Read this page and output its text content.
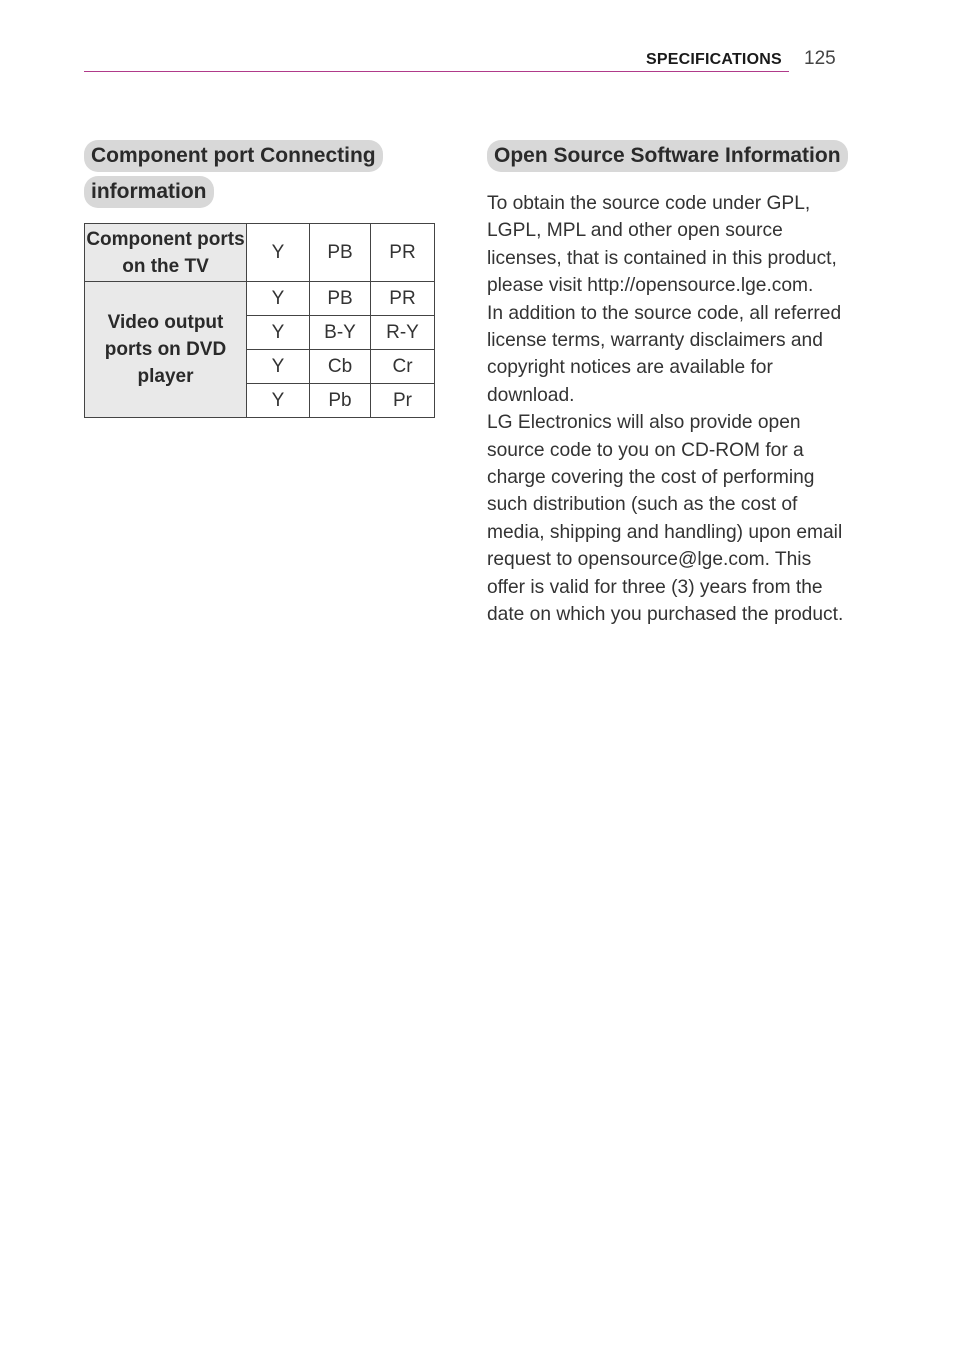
SPECIFICATIONS 125
Component port Connecting
information
Component ports on the TV	Y	PB	PR
Video output ports on DVD player	Y	PB	PR
	Y	B-Y	R-Y
	Y	Cb	Cr
	Y	Pb	Pr
Open Source Software Information
To obtain the source code under GPL, LGPL, MPL and other open source licenses, that is contained in this product, please visit http://opensource.lge.com.
In addition to the source code, all referred license terms, warranty disclaimers and copyright notices are available for download.
LG Electronics will also provide open source code to you on CD-ROM for a charge covering the cost of performing such distribution (such as the cost of media, shipping and handling) upon email request to opensource@lge.com. This offer is valid for three (3) years from the date on which you purchased the product.
